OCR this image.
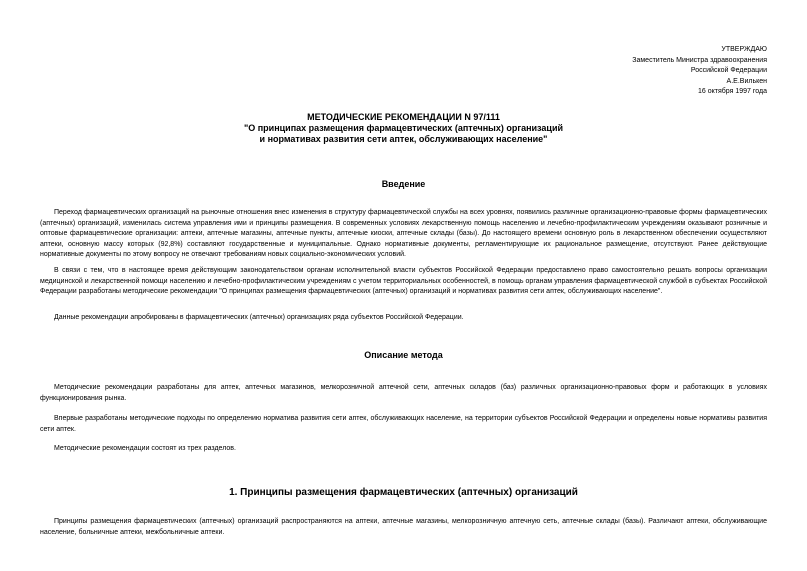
УТВЕРЖДАЮ
Заместитель Министра здравоохранения
Российской Федерации
А.Е.Вилькен
16 октября 1997 года
МЕТОДИЧЕСКИЕ РЕКОМЕНДАЦИИ N 97/111
"О принципах размещения фармацевтических (аптечных) организаций
и нормативах развития сети аптек, обслуживающих население"
Введение

Переход фармацевтических организаций на рыночные отношения внес изменения в структуру фармацевтической службы на всех уровнях, появились различные организационно-правовые формы фармацевтических (аптечных) организаций, изменилась система управления ими и принципы размещения. В современных условиях лекарственную помощь населению и лечебно-профилактическим учреждениям оказывают розничные и оптовые фармацевтические организации: аптеки, аптечные магазины, аптечные пункты, аптечные киоски, аптечные склады (базы). До настоящего времени основную роль в лекарственном обеспечении осуществляют аптеки, основную массу которых (92,8%) составляют государственные и муниципальные. Однако нормативные документы, регламентирующие их рациональное размещение, отсутствуют. Ранее действующие нормативные документы по этому вопросу не отвечают требованиям новых социально-экономических условий.

В связи с тем, что в настоящее время действующим законодательством органам исполнительной власти субъектов Российской Федерации предоставлено право самостоятельно решать вопросы организации медицинской и лекарственной помощи населению и лечебно-профилактическим учреждениям с учетом территориальных особенностей, в помощь органам управления фармацевтической службой в субъектах Российской Федерации разработаны методические рекомендации "О принципах размещения фармацевтических (аптечных) организаций и нормативах развития сети аптек, обслуживающих население".

Данные рекомендации апробированы в фармацевтических (аптечных) организациях ряда субъектов Российской Федерации.

Описание метода

Методические рекомендации разработаны для аптек, аптечных магазинов, мелкорозничной аптечной сети, аптечных складов (баз) различных организационно-правовых форм и работающих в условиях функционирования рынка.

Впервые разработаны методические подходы по определению норматива развития сети аптек, обслуживающих население, на территории субъектов Российской Федерации и определены новые нормативы развития сети аптек.

Методические рекомендации состоят из трех разделов.

1. Принципы размещения фармацевтических (аптечных) организаций

Принципы размещения фармацевтических (аптечных) организаций распространяются на аптеки, аптечные магазины, мелкорозничную аптечную сеть, аптечные склады (базы). Различают аптеки, обслуживающие население, больничные аптеки, межбольничные аптеки.
